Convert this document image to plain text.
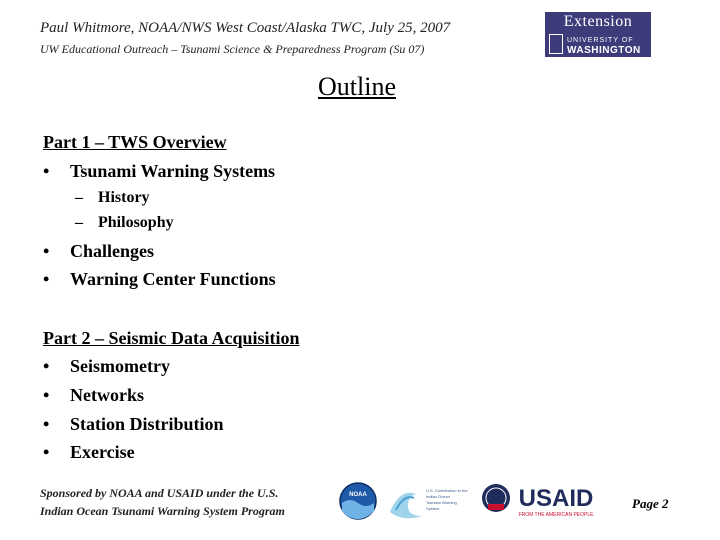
Paul Whitmore, NOAA/NWS West Coast/Alaska TWC, July 25, 2007
UW Educational Outreach – Tsunami Science & Preparedness Program (Su 07)
Extension
UNIVERSITY OF
WASHINGTON
Outline
Part 1 – TWS Overview
• Tsunami Warning Systems
– History
– Philosophy
• Challenges
• Warning Center Functions
Part 2 – Seismic Data Acquisition
• Seismometry
• Networks
• Station Distribution
• Exercise
Sponsored by NOAA and USAID under the U.S.
Indian Ocean Tsunami Warning System Program
NOAA
U.S. Contribution to the Indian Ocean Tsunami Warning System	USAID
FROM THE AMERICAN PEOPLE
Page 2
